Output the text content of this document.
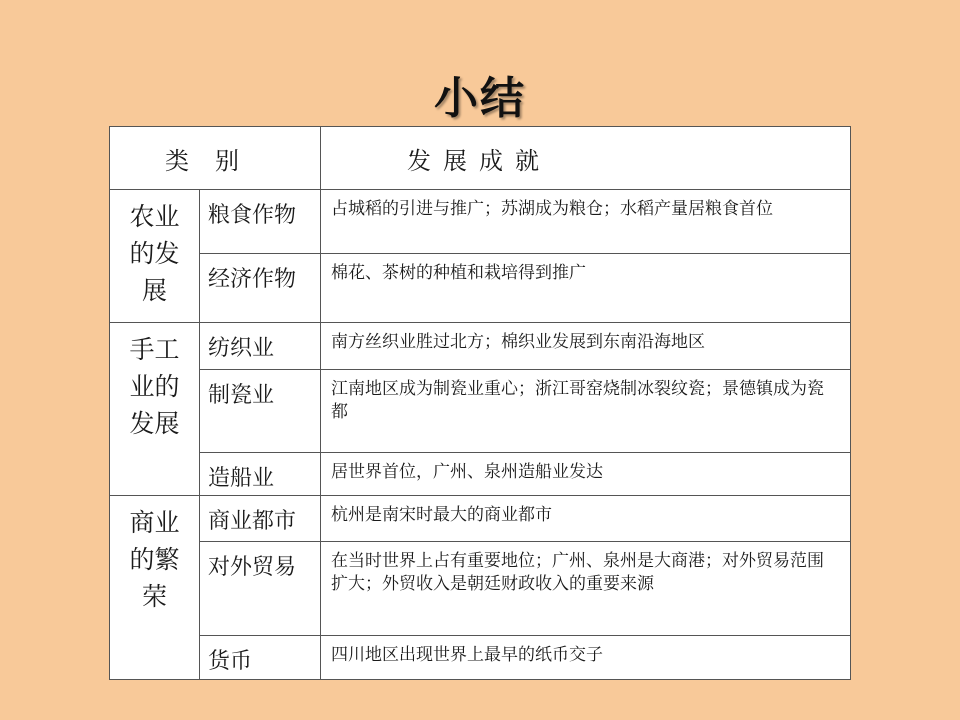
小结
类别		发展成就
农业的发展	粮食作物	占城稻的引进与推广；苏湖成为粮仓；水稻产量居粮食首位
	经济作物	棉花、茶树的种植和栽培得到推广
手工业的发展	纺织业	南方丝织业胜过北方；棉织业发展到东南沿海地区
	制瓷业	江南地区成为制瓷业重心；浙江哥窑烧制冰裂纹瓷；景德镇成为瓷都
	造船业	居世界首位，广州、泉州造船业发达
商业的繁荣	商业都市	杭州是南宋时最大的商业都市
	对外贸易	在当时世界上占有重要地位；广州、泉州是大商港；对外贸易范围扩大；外贸收入是朝廷财政收入的重要来源
	货币	四川地区出现世界上最早的纸币交子
